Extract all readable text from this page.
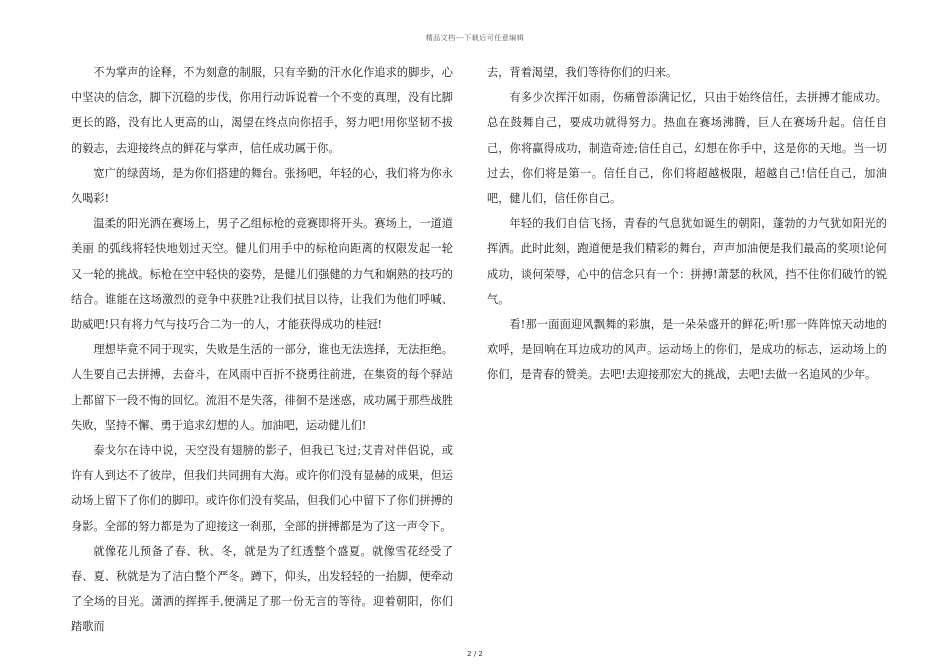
精品文档---下载后可任意编辑

不为掌声的诠释，不为刻意的制服，只有辛勤的汗水化作追求的脚步，心中坚决的信念，脚下沉稳的步伐，你用行动诉说着一个不变的真理，没有比脚更长的路，没有比人更高的山，渴望在终点向你招手，努力吧!用你坚韧不拔的毅志，去迎接终点的鲜花与掌声，信任成功属于你。

宽广的绿茵场，是为你们搭建的舞台。张扬吧，年轻的心，我们将为你永久喝彩!

温柔的阳光洒在赛场上，男子乙组标枪的竞赛即将开头。赛场上，一道道美丽 的弧线将轻快地划过天空。健儿们用手中的标枪向距离的权限发起一轮又一轮的挑战。标枪在空中轻快的姿势，是健儿们强健的力气和娴熟的技巧的结合。谁能在这场激烈的竞争中获胜?让我们拭目以待，让我们为他们呼喊、助威吧!只有将力气与技巧合二为一的人，才能获得成功的桂冠!

理想毕竟不同于现实，失败是生活的一部分，谁也无法选择，无法拒绝。人生要自己去拼搏，去奋斗，在风雨中百折不挠勇往前进，在集资的每个驿站上都留下一段不悔的回忆。流泪不是失落，徘徊不是迷惑，成功属于那些战胜失败，坚持不懈、勇于追求幻想的人。加油吧，运动健儿们!

泰戈尔在诗中说，天空没有翅膀的影子，但我已飞过;艾青对伴侣说，或许有人到达不了彼岸，但我们共同拥有大海。或许你们没有显赫的成果，但运动场上留下了你们的脚印。或许你们没有奖品，但我们心中留下了你们拼搏的身影。全部的努力都是为了迎接这一刹那，全部的拼搏都是为了这一声令下。

就像花儿预备了春、秋、冬，就是为了红透整个盛夏。就像雪花经受了春、夏、秋就是为了洁白整个严冬。蹲下，仰头，出发轻轻的一抬脚，便牵动了全场的目光。潇洒的挥挥手,便满足了那一份无言的等待。迎着朝阳，你们踏歌而

去，背着渴望，我们等待你们的归来。

有多少次挥汗如雨，伤痛曾添满记忆，只由于始终信任，去拼搏才能成功。总在鼓舞自己，要成功就得努力。热血在赛场沸腾，巨人在赛场升起。信任自己，你将赢得成功，制造奇迹;信任自己，幻想在你手中，这是你的天地。当一切过去，你们将是第一。信任自己，你们将超越极限，超越自己!信任自己，加油吧，健儿们，信任你自己。

年轻的我们自信飞扬，青春的气息犹如诞生的朝阳，蓬勃的力气犹如阳光的挥洒。此时此刻，跑道便是我们精彩的舞台，声声加油便是我们最高的奖项!论何成功，谈何荣辱，心中的信念只有一个：拼搏!萧瑟的秋风，挡不住你们破竹的锐气。

看!那一面面迎风飘舞的彩旗，是一朵朵盛开的鲜花;听!那一阵阵惊天动地的欢呼，是回响在耳边成功的风声。运动场上的你们，是成功的标志，运动场上的你们，是青春的赞美。去吧!去迎接那宏大的挑战，去吧!去做一名追风的少年。

2 / 2
